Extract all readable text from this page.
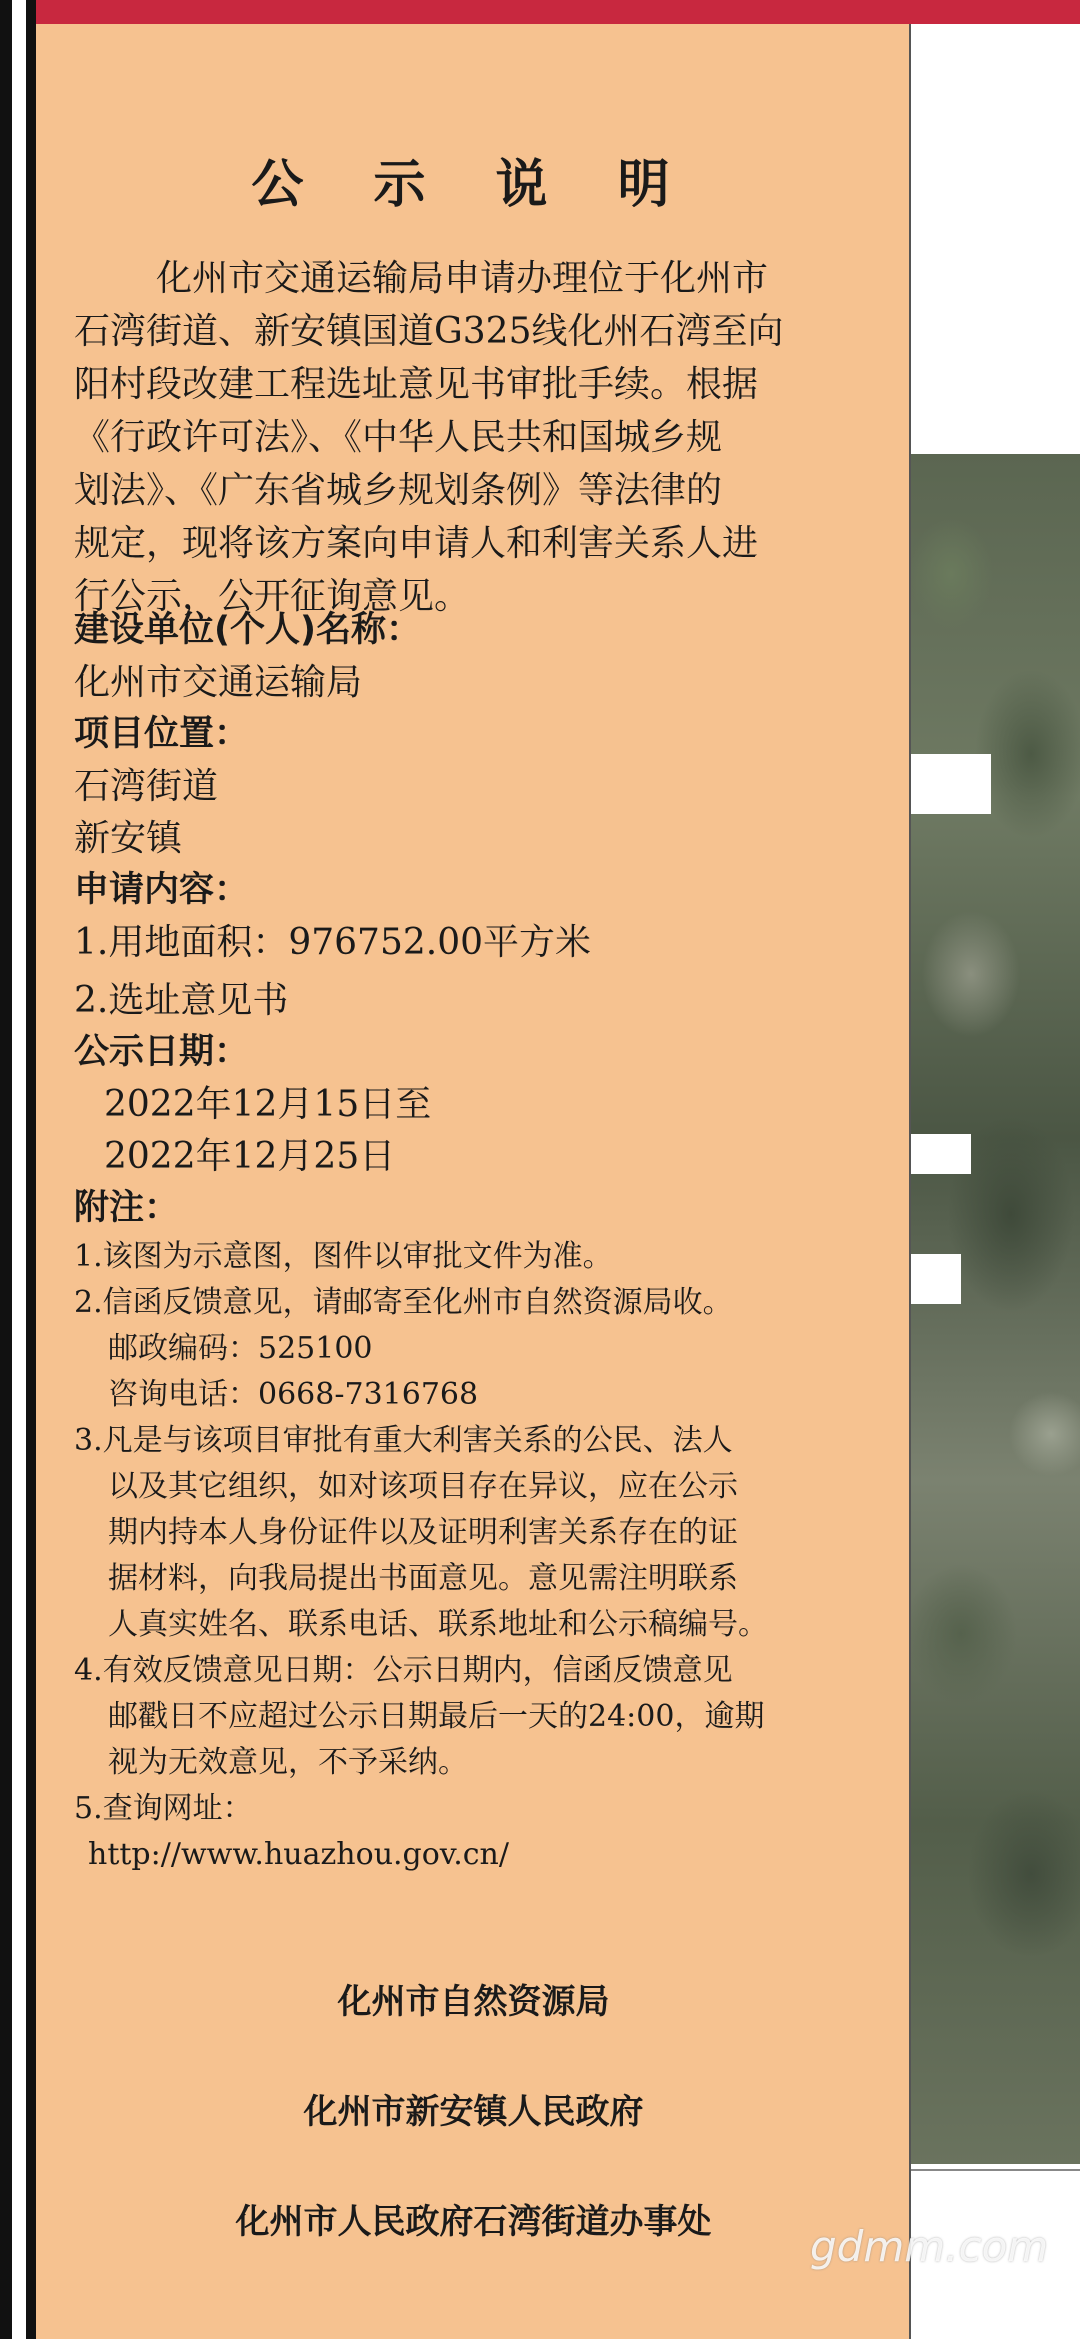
公 示 说 明
化州市交通运输局申请办理位于化州市
石湾街道、新安镇国道G325线化州石湾至向
阳村段改建工程选址意见书审批手续。根据
《行政许可法》、《中华人民共和国城乡规
划法》、《广东省城乡规划条例》等法律的
规定，现将该方案向申请人和利害关系人进
行公示，公开征询意见。
建设单位(个人)名称：
化州市交通运输局
项目位置：
石湾街道
新安镇
申请内容：
1.用地面积：976752.00平方米
2.选址意见书
公示日期：
2022年12月15日至
2022年12月25日
附注：
1.该图为示意图，图件以审批文件为准。
2.信函反馈意见，请邮寄至化州市自然资源局收。
邮政编码：525100
咨询电话：0668-7316768
3.凡是与该项目审批有重大利害关系的公民、法人
以及其它组织，如对该项目存在异议，应在公示
期内持本人身份证件以及证明利害关系存在的证
据材料，向我局提出书面意见。意见需注明联系
人真实姓名、联系电话、联系地址和公示稿编号。
4.有效反馈意见日期：公示日期内，信函反馈意见
邮戳日不应超过公示日期最后一天的24:00，逾期
视为无效意见，不予采纳。
5.查询网址：
http://www.huazhou.gov.cn/
化州市自然资源局
化州市新安镇人民政府
化州市人民政府石湾街道办事处	gdmm.com
